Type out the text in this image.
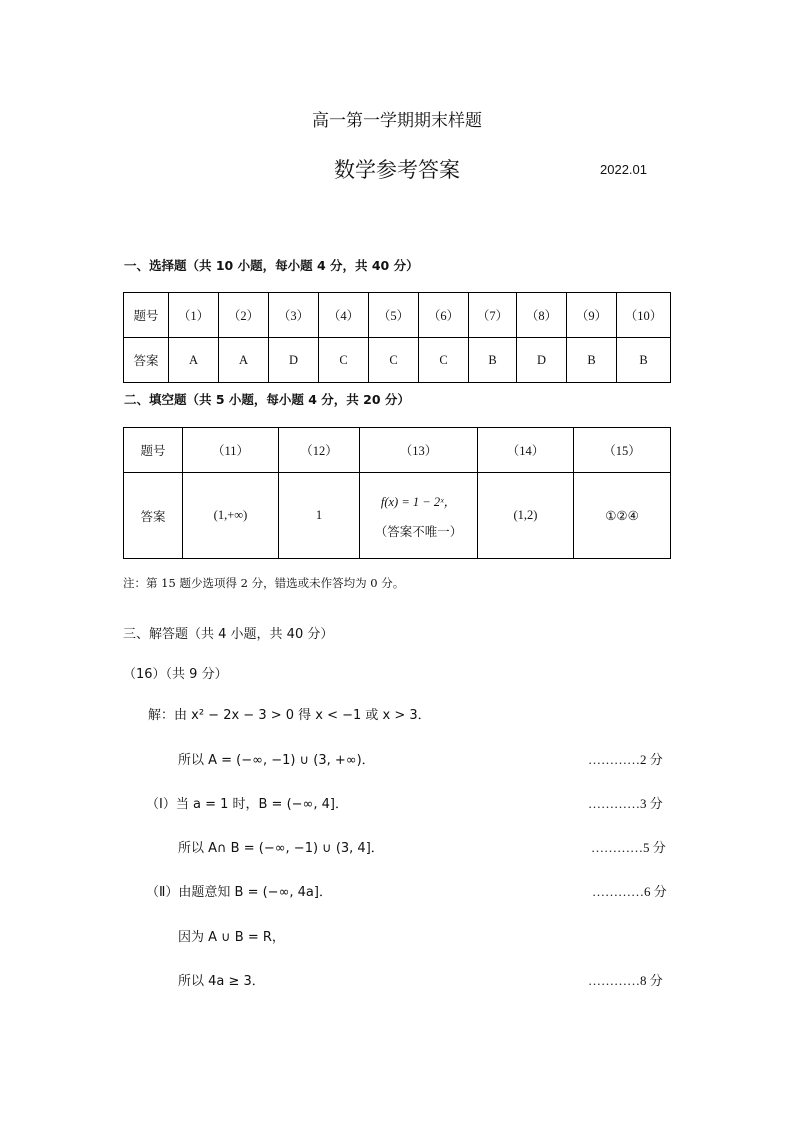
高一第一学期期末样题
数学参考答案	2022.01
一、选择题（共 10 小题，每小题 4 分，共 40 分）
题号	（1）	（2）	（3）	（4）	（5）	（6）	（7）	（8）	（9）	（10）
答案	A	A	D	C	C	C	B	D	B	B
二、填空题（共 5 小题，每小题 4 分，共 20 分）
题号	（11）	（12）	（13）	（14）	（15）
答案	(1,+∞)	1	f(x) = 1 − 2ˣ，
（答案不唯一）	(1,2)	①②④
注：第 15 题少选项得 2 分，错选或未作答均为 0 分。
三、解答题（共 4 小题，共 40 分）
（16）（共 9 分）
解：由 x² − 2x − 3 > 0 得 x < −1 或 x > 3．
所以 A = (−∞, −1) ∪ (3, +∞)．	…………2 分
（Ⅰ）当 a = 1 时，B = (−∞, 4]．	…………3 分
所以 A∩ B = (−∞, −1) ∪ (3, 4]．	…………5 分
（Ⅱ）由题意知 B = (−∞, 4a]．	…………6 分
因为 A ∪ B = R，
所以 4a ≥ 3．	…………8 分
